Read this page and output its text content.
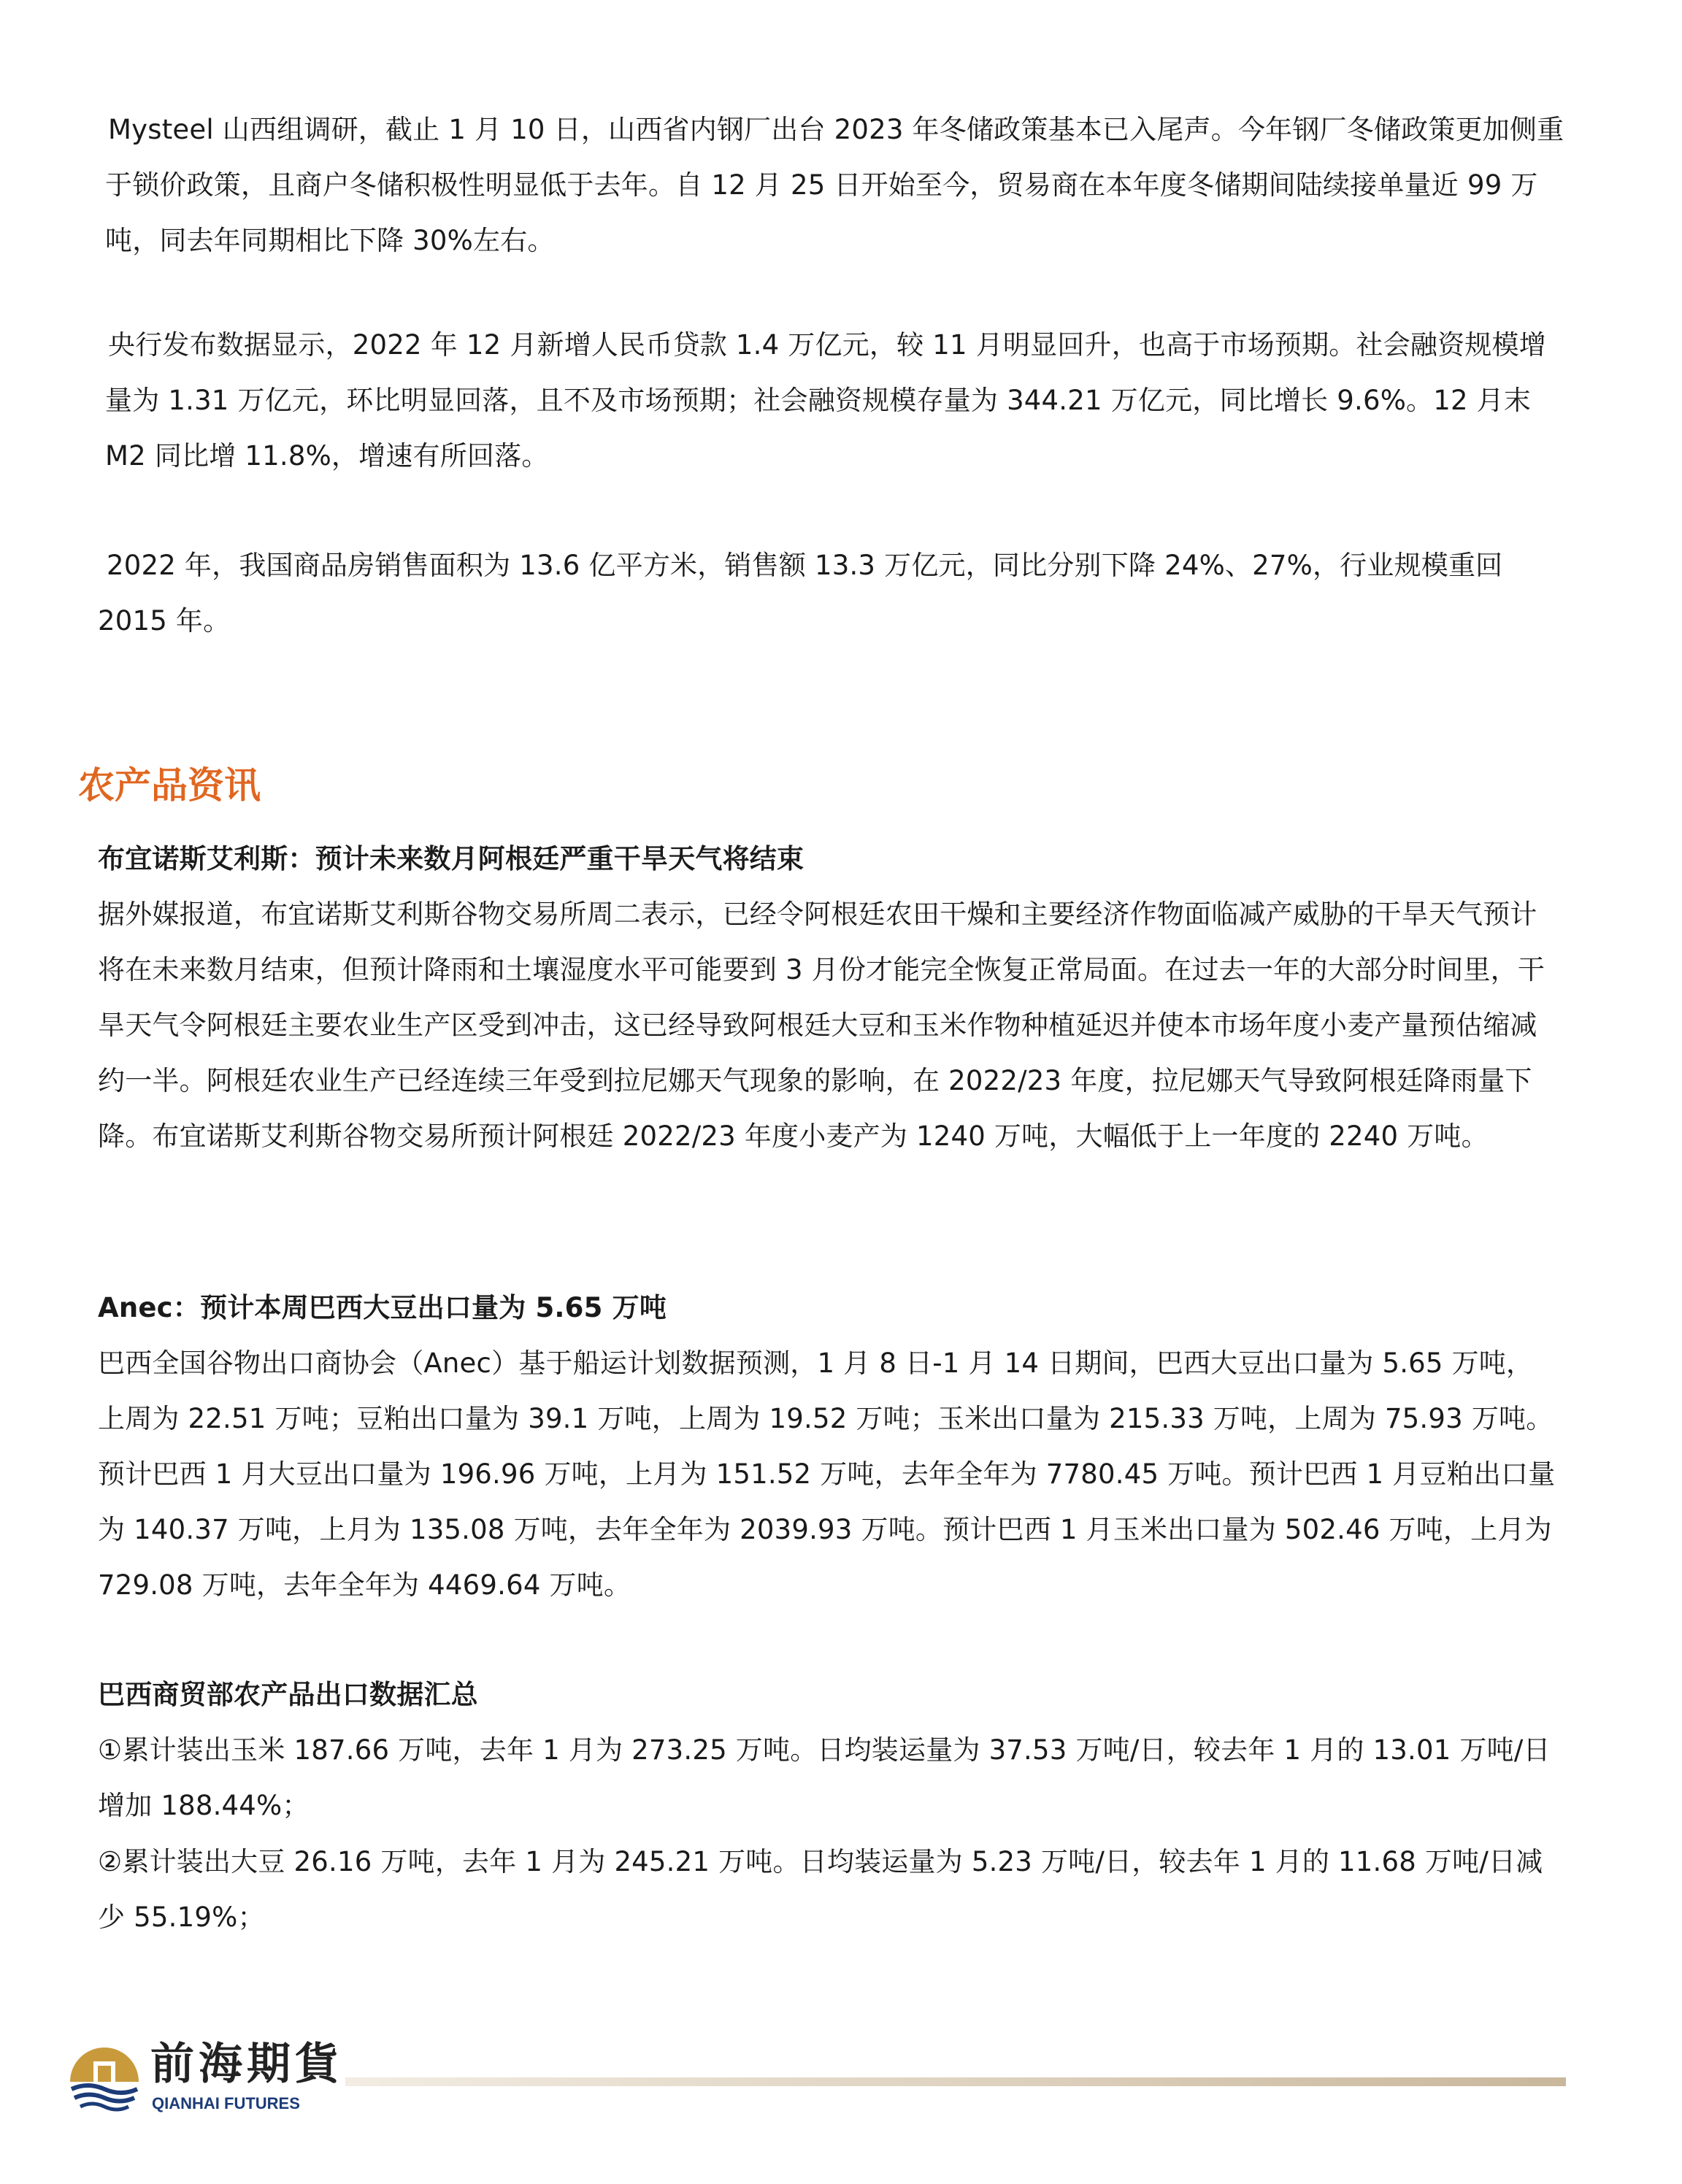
Mysteel 山西组调研，截止 1 月 10 日，山西省内钢厂出台 2023 年冬储政策基本已入尾声。今年钢厂冬储政策更加侧重于锁价政策，且商户冬储积极性明显低于去年。自 12 月 25 日开始至今，贸易商在本年度冬储期间陆续接单量近 99 万吨，同去年同期相比下降 30%左右。

央行发布数据显示，2022 年 12 月新增人民币贷款 1.4 万亿元，较 11 月明显回升，也高于市场预期。社会融资规模增量为 1.31 万亿元，环比明显回落，且不及市场预期；社会融资规模存量为 344.21 万亿元，同比增长 9.6%。12 月末 M2 同比增 11.8%，增速有所回落。

2022 年，我国商品房销售面积为 13.6 亿平方米，销售额 13.3 万亿元，同比分别下降 24%、27%，行业规模重回 2015 年。

农产品资讯

布宜诺斯艾利斯：预计未来数月阿根廷严重干旱天气将结束

据外媒报道，布宜诺斯艾利斯谷物交易所周二表示，已经令阿根廷农田干燥和主要经济作物面临减产威胁的干旱天气预计将在未来数月结束，但预计降雨和土壤湿度水平可能要到 3 月份才能完全恢复正常局面。在过去一年的大部分时间里，干旱天气令阿根廷主要农业生产区受到冲击，这已经导致阿根廷大豆和玉米作物种植延迟并使本市场年度小麦产量预估缩减约一半。阿根廷农业生产已经连续三年受到拉尼娜天气现象的影响，在 2022/23 年度，拉尼娜天气导致阿根廷降雨量下降。布宜诺斯艾利斯谷物交易所预计阿根廷 2022/23 年度小麦产为 1240 万吨，大幅低于上一年度的 2240 万吨。

Anec：预计本周巴西大豆出口量为 5.65 万吨

巴西全国谷物出口商协会（Anec）基于船运计划数据预测，1 月 8 日-1 月 14 日期间，巴西大豆出口量为 5.65 万吨，上周为 22.51 万吨；豆粕出口量为 39.1 万吨，上周为 19.52 万吨；玉米出口量为 215.33 万吨，上周为 75.93 万吨。预计巴西 1 月大豆出口量为 196.96 万吨，上月为 151.52 万吨，去年全年为 7780.45 万吨。预计巴西 1 月豆粕出口量为 140.37 万吨，上月为 135.08 万吨，去年全年为 2039.93 万吨。预计巴西 1 月玉米出口量为 502.46 万吨，上月为 729.08 万吨，去年全年为 4469.64 万吨。

巴西商贸部农产品出口数据汇总

①累计装出玉米 187.66 万吨，去年 1 月为 273.25 万吨。日均装运量为 37.53 万吨/日，较去年 1 月的 13.01 万吨/日增加 188.44%；

②累计装出大豆 26.16 万吨，去年 1 月为 245.21 万吨。日均装运量为 5.23 万吨/日，较去年 1 月的 11.68 万吨/日减少 55.19%；

前海期貨
QIANHAI FUTURES
